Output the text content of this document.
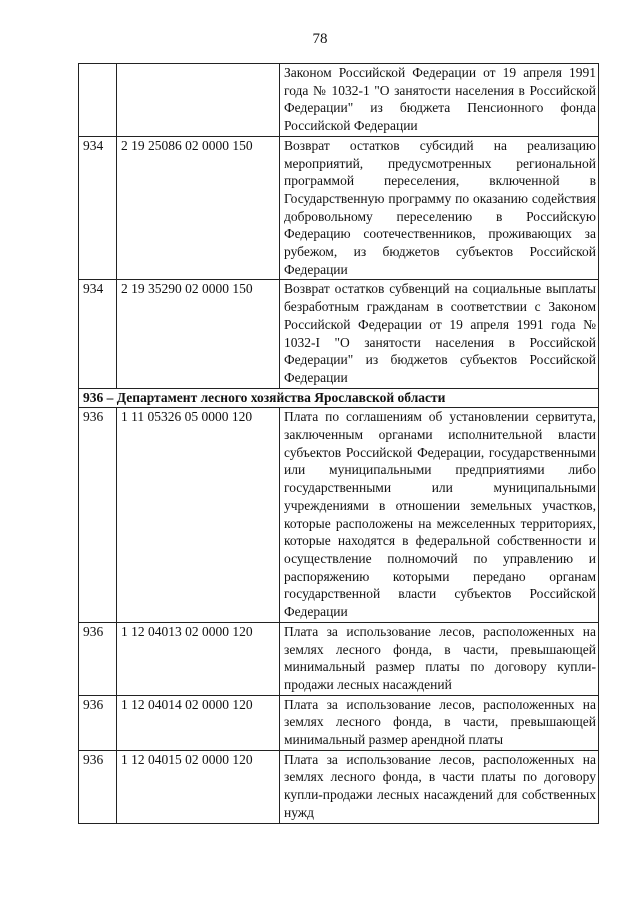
78
		Законом Российской Федерации от 19 апреля 1991 года № 1032-1 "О занятости населения в Российской Федерации" из бюджета Пенсионного фонда Российской Федерации
934	2 19 25086 02 0000 150	Возврат остатков субсидий на реализацию мероприятий, предусмотренных региональной программой переселения, включенной в Государственную программу по оказанию содействия добровольному переселению в Российскую Федерацию соотечественников, проживающих за рубежом, из бюджетов субъектов Российской Федерации
934	2 19 35290 02 0000 150	Возврат остатков субвенций на социальные выплаты безработным гражданам в соответствии с Законом Российской Федерации от 19 апреля 1991 года № 1032-I "О занятости населения в Российской Федерации" из бюджетов субъектов Российской Федерации
936 – Департамент лесного хозяйства Ярославской области		
936	1 11 05326 05 0000 120	Плата по соглашениям об установлении сервитута, заключенным органами исполнительной власти субъектов Российской Федерации, государственными или муниципальными предприятиями либо государственными или муниципальными учреждениями в отношении земельных участков, которые расположены на межселенных территориях, которые находятся в федеральной собственности и осуществление полномочий по управлению и распоряжению которыми передано органам государственной власти субъектов Российской Федерации
936	1 12 04013 02 0000 120	Плата за использование лесов, расположенных на землях лесного фонда, в части, превышающей минимальный размер платы по договору купли-продажи лесных насаждений
936	1 12 04014 02 0000 120	Плата за использование лесов, расположенных на землях лесного фонда, в части, превышающей минимальный размер арендной платы
936	1 12 04015 02 0000 120	Плата за использование лесов, расположенных на землях лесного фонда, в части платы по договору купли-продажи лесных насаждений для собственных нужд
